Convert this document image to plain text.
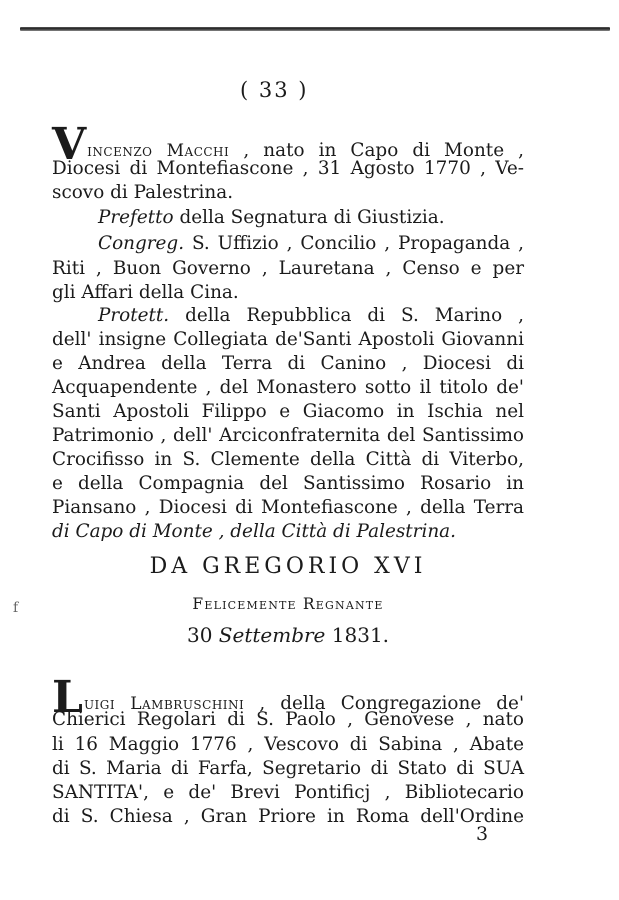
f
( 33 )
Vincenzo Macchi , nato in Capo di Monte ,
Diocesi di Montefiascone , 31 Agosto 1770 , Ve-
scovo di Palestrina.
Prefetto della Segnatura di Giustizia.
Congreg. S. Uffizio , Concilio , Propaganda ,
Riti , Buon Governo , Lauretana , Censo e per
gli Affari della Cina.
Protett. della Repubblica di S. Marino ,
dell' insigne Collegiata de'Santi Apostoli Giovanni
e Andrea della Terra di Canino , Diocesi di
Acquapendente , del Monastero sotto il titolo de'
Santi Apostoli Filippo e Giacomo in Ischia nel
Patrimonio , dell' Arciconfraternita del Santissimo
Crocifisso in S. Clemente della Città di Viterbo,
e della Compagnia del Santissimo Rosario in
Piansano , Diocesi di Montefiascone , della Terra
di Capo di Monte , della Città di Palestrina.
DA GREGORIO XVI
Felicemente Regnante
30 Settembre 1831.
Luigi Lambruschini , della Congregazione de'
Chierici Regolari di S. Paolo , Genovese , nato
li 16 Maggio 1776 , Vescovo di Sabina , Abate
di S. Maria di Farfa, Segretario di Stato di SUA
SANTITA', e de' Brevi Pontificj , Bibliotecario
di S. Chiesa , Gran Priore in Roma dell'Ordine
3
